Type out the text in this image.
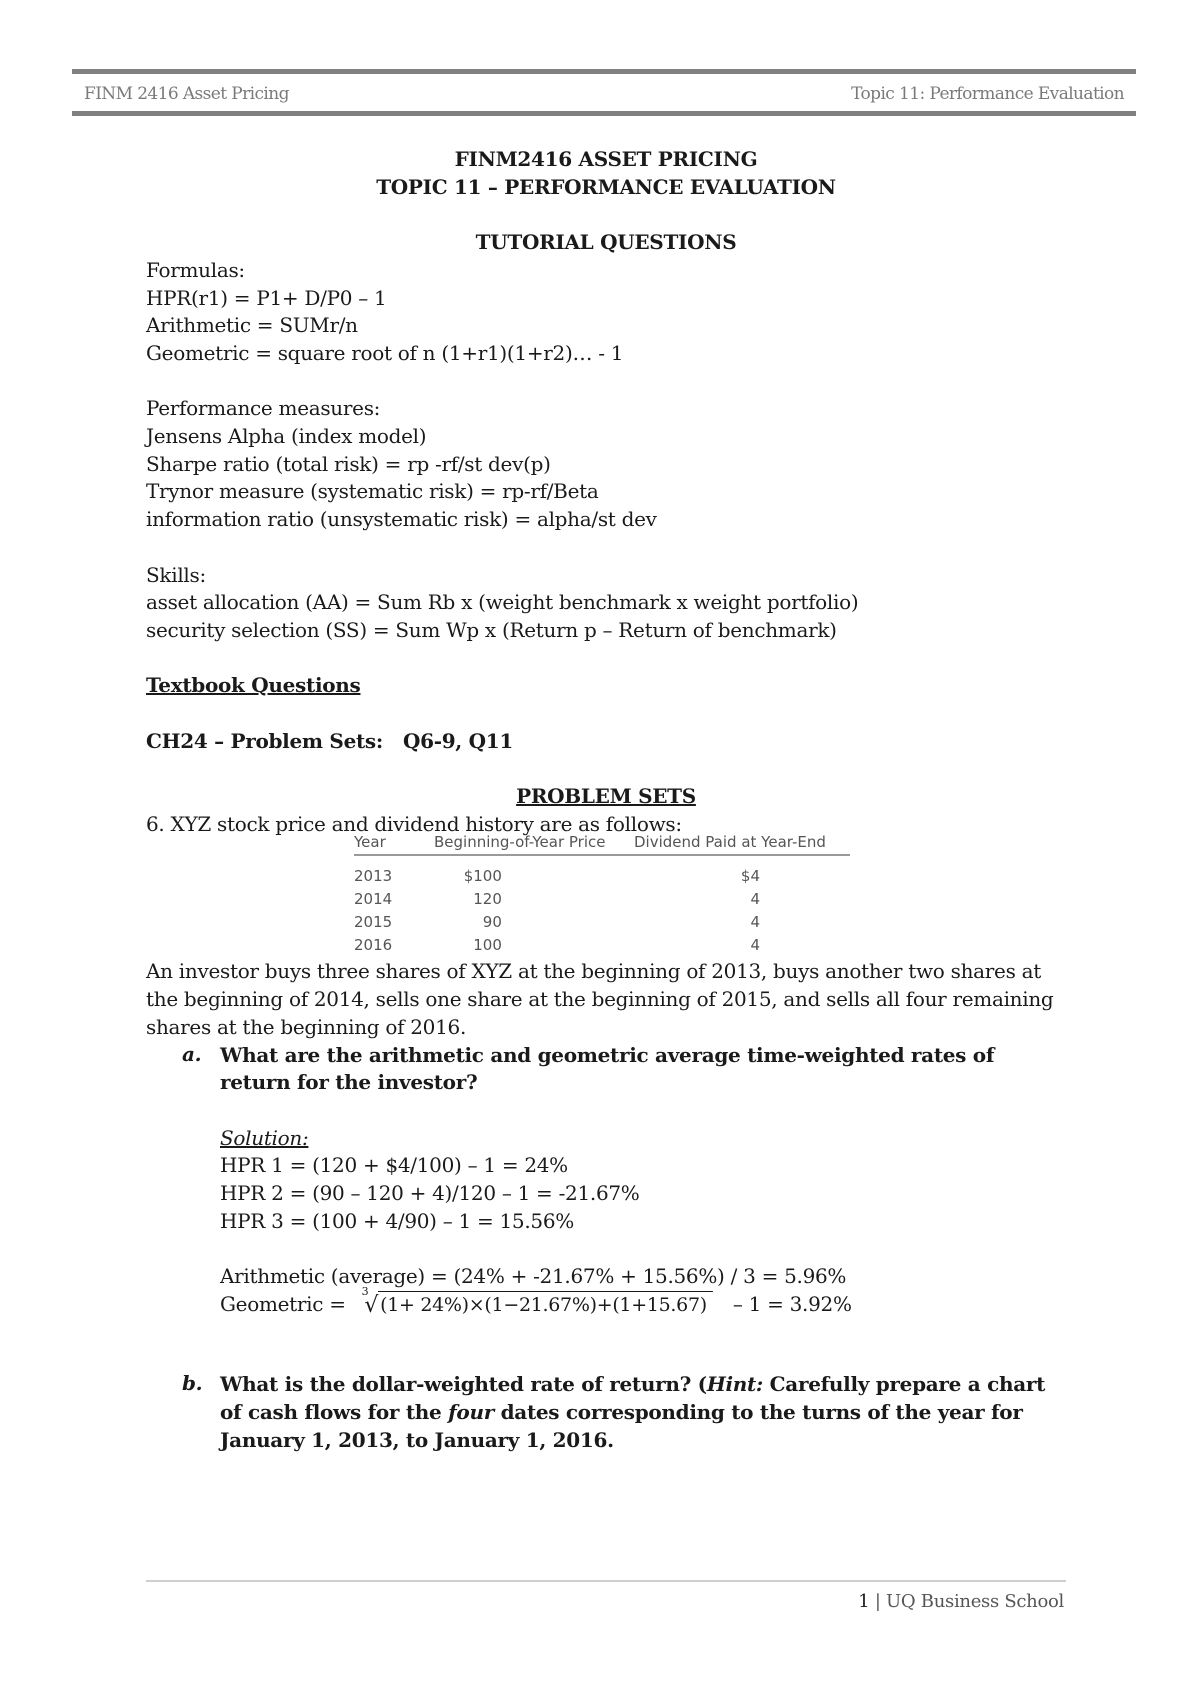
FINM 2416 Asset Pricing	Topic 11: Performance Evaluation
FINM2416 ASSET PRICING
TOPIC 11 – PERFORMANCE EVALUATION
TUTORIAL QUESTIONS
Formulas:
HPR(r1) = P1+ D/P0 – 1
Arithmetic = SUMr/n
Geometric = square root of n (1+r1)(1+r2)… - 1
Performance measures:
Jensens Alpha (index model)
Sharpe ratio (total risk) = rp -rf/st dev(p)
Trynor measure (systematic risk) = rp-rf/Beta
information ratio (unsystematic risk) = alpha/st dev
Skills:
asset allocation (AA) = Sum Rb x (weight benchmark x weight portfolio)
security selection (SS) = Sum Wp x (Return p – Return of benchmark)
Textbook Questions
CH24 – Problem Sets:   Q6-9, Q11
PROBLEM SETS
6. XYZ stock price and dividend history are as follows:
Year	Beginning-of-Year Price	Dividend Paid at Year-End
2013	$100	$4
2014	120	4
2015	90	4
2016	100	4
An investor buys three shares of XYZ at the beginning of 2013, buys another two shares at the beginning of 2014, sells one share at the beginning of 2015, and sells all four remaining shares at the beginning of 2016.
a. What are the arithmetic and geometric average time-weighted rates of return for the investor?
Solution:
HPR 1 = (120 + $4/100) – 1 = 24%
HPR 2 = (90 – 120 + 4)/120 – 1 = -21.67%
HPR 3 = (100 + 4/90) – 1 = 15.56%
Arithmetic (average) = (24% + -21.67% + 15.56%) / 3 = 5.96%
Geometric =
3
√ (1+ 24%)×(1−21.67%)+(1+15.67)	– 1 = 3.92%
b. What is the dollar-weighted rate of return? (Hint: Carefully prepare a chart of cash flows for the four dates corresponding to the turns of the year for January 1, 2013, to January 1, 2016.
1 | UQ Business School
